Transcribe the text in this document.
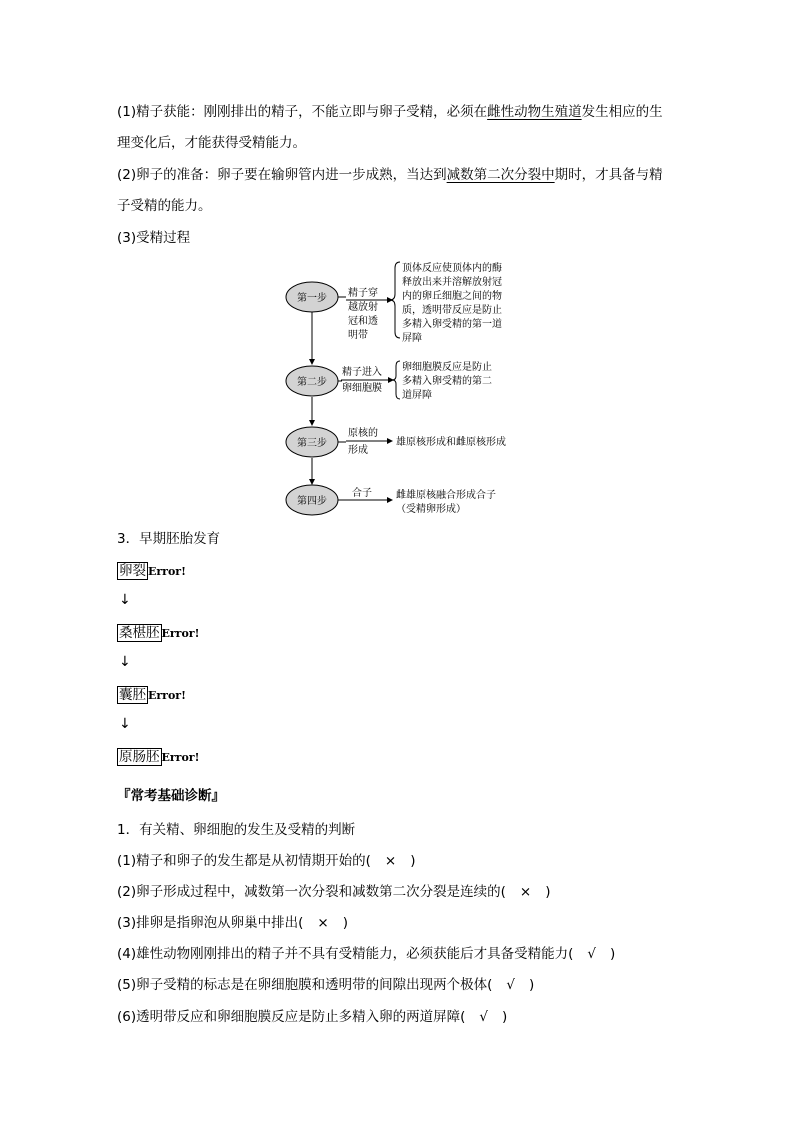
(1)精子获能：刚刚排出的精子，不能立即与卵子受精，必须在雌性动物生殖道发生相应的生
理变化后，才能获得受精能力。
(2)卵子的准备：卵子要在输卵管内进一步成熟，当达到减数第二次分裂中期时，才具备与精
子受精的能力。
(3)受精过程
第一步 精子穿 越放射 冠和透 明带
顶体反应使顶体内的酶 释放出来并溶解放射冠 内的卵丘细胞之间的物 质，透明带反应是防止 多精入卵受精的第一道 屏障
第二步
精子进入 卵细胞膜
卵细胞膜反应是防止 多精入卵受精的第二 道屏障
第三步
原核的 形成
雄原核形成和雌原核形成
第四步
合子 雌雄原核融合形成合子 （受精卵形成）
3．早期胚胎发育
卵裂 Error!
↓
桑椹胚 Error!
↓
囊胚 Error!
↓
原肠胚 Error!
『常考基础诊断』
1．有关精、卵细胞的发生及受精的判断
(1)精子和卵子的发生都是从初情期开始的( × )
(2)卵子形成过程中，减数第一次分裂和减数第二次分裂是连续的( × )
(3)排卵是指卵泡从卵巢中排出( × )
(4)雄性动物刚刚排出的精子并不具有受精能力，必须获能后才具备受精能力( √ )
(5)卵子受精的标志是在卵细胞膜和透明带的间隙出现两个极体( √ )
(6)透明带反应和卵细胞膜反应是防止多精入卵的两道屏障( √ )
